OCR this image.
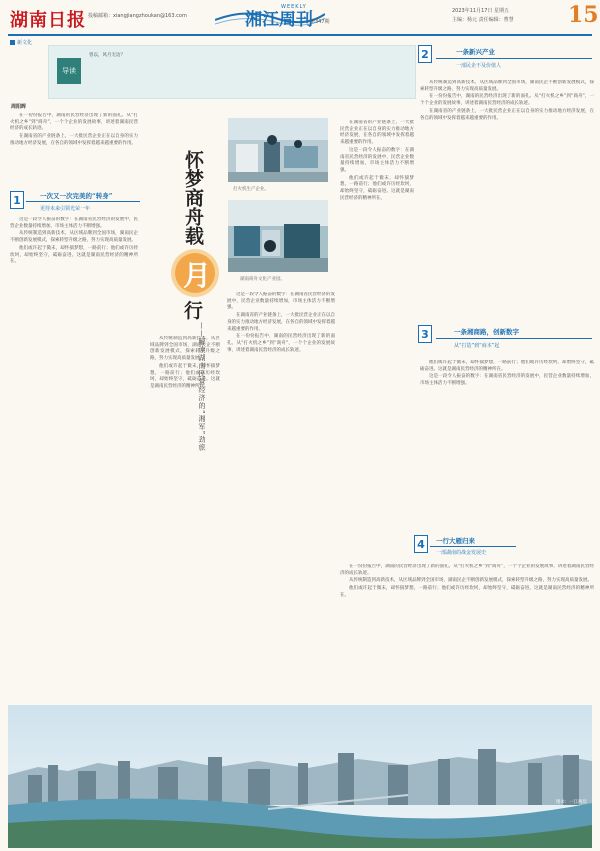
湖南日报 投稿邮箱：xiangjiangzhoukan@163.com	湘江周刊
WEEKLY
第347期
2023年11月17日 星期五
主编：杨元 责任编辑：曹慧 15
新文化
导读
曾以，风月无边？	2	一条新兴产业
一部民企不及价值人
周阳晖

在一份份报告中，湖南的民营经济出现了新的面孔。从“打火机之乡”到“商舟”，一个个企业的发展故事，讲述着湖南民营经济的成长轨迹。

在湖南省的产业链条上，一大批民营企业正在以自身的实力推动地方经济发展，在各自的领域中发挥着越来越重要的作用。

1	一次又一次完美的“转身”
更待未来引领光荣一年

这是一段令人振奋的数字：在湖南省民营经济的发展中，民营企业数量持续增加，市场主体活力不断增强。

从传统制造到高新技术，从区域品牌到全国市场，湖南民企不断创新发展模式，探索转型升级之路，努力实现高质量发展。

他们或许起于微末，却怀揣梦想，一路前行；他们或许历经坎坷，却始终坚守，砥砺奋进。这就是湖南民营经济的精神所在。

打火机生产企业。
湖南商舟文化产业园。
怀梦商舟载
月
行
——解读湖南民营经济的“湘军”劲旅

这是一段令人振奋的数字：在湖南省民营经济的发展中，民营企业数量持续增加，市场主体活力不断增强。

在湖南省的产业链条上，一大批民营企业正在以自身的实力推动地方经济发展，在各自的领域中发挥着越来越重要的作用。

在一份份报告中，湖南的民营经济出现了新的面孔。从“打火机之乡”到“商舟”，一个个企业的发展故事，讲述着湖南民营经济的成长轨迹。

从传统制造到高新技术，从区域品牌到全国市场，湖南民企不断创新发展模式，探索转型升级之路，努力实现高质量发展。

他们或许起于微末，却怀揣梦想，一路前行；他们或许历经坎坷，却始终坚守，砥砺奋进。这就是湖南民营经济的精神所在。

在湖南省的产业链条上，一大批民营企业正在以自身的实力推动地方经济发展，在各自的领域中发挥着越来越重要的作用。

这是一段令人振奋的数字：在湖南省民营经济的发展中，民营企业数量持续增加，市场主体活力不断增强。

他们或许起于微末，却怀揣梦想，一路前行；他们或许历经坎坷，却始终坚守，砥砺奋进。这就是湖南民营经济的精神所在。

从传统制造到高新技术，从区域品牌到全国市场，湖南民企不断创新发展模式，探索转型升级之路，努力实现高质量发展。

在一份份报告中，湖南的民营经济出现了新的面孔。从“打火机之乡”到“商舟”，一个个企业的发展故事，讲述着湖南民营经济的成长轨迹。

在湖南省的产业链条上，一大批民营企业正在以自身的实力推动地方经济发展，在各自的领域中发挥着越来越重要的作用。

3	一条湘商路，创新数字
从“打造”到“商本”起

他们或许起于微末，却怀揣梦想，一路前行；他们或许历经坎坷，却始终坚守，砥砺奋进。这就是湖南民营经济的精神所在。

这是一段令人振奋的数字：在湖南省民营经济的发展中，民营企业数量持续增加，市场主体活力不断增强。

4	一行大雁归来
一部湖南的战金发展史

在一份份报告中，湖南的民营经济出现了新的面孔。从“打火机之乡”到“商舟”，一个个企业的发展故事，讲述着湖南民营经济的成长轨迹。

从传统制造到高新技术，从区域品牌到全国市场，湖南民企不断创新发展模式，探索转型升级之路，努力实现高质量发展。

他们或许起于微末，却怀揣梦想，一路前行；他们或许历经坎坷，却始终坚守，砥砺奋进。这就是湖南民营经济的精神所在。

图②：一江两岸
